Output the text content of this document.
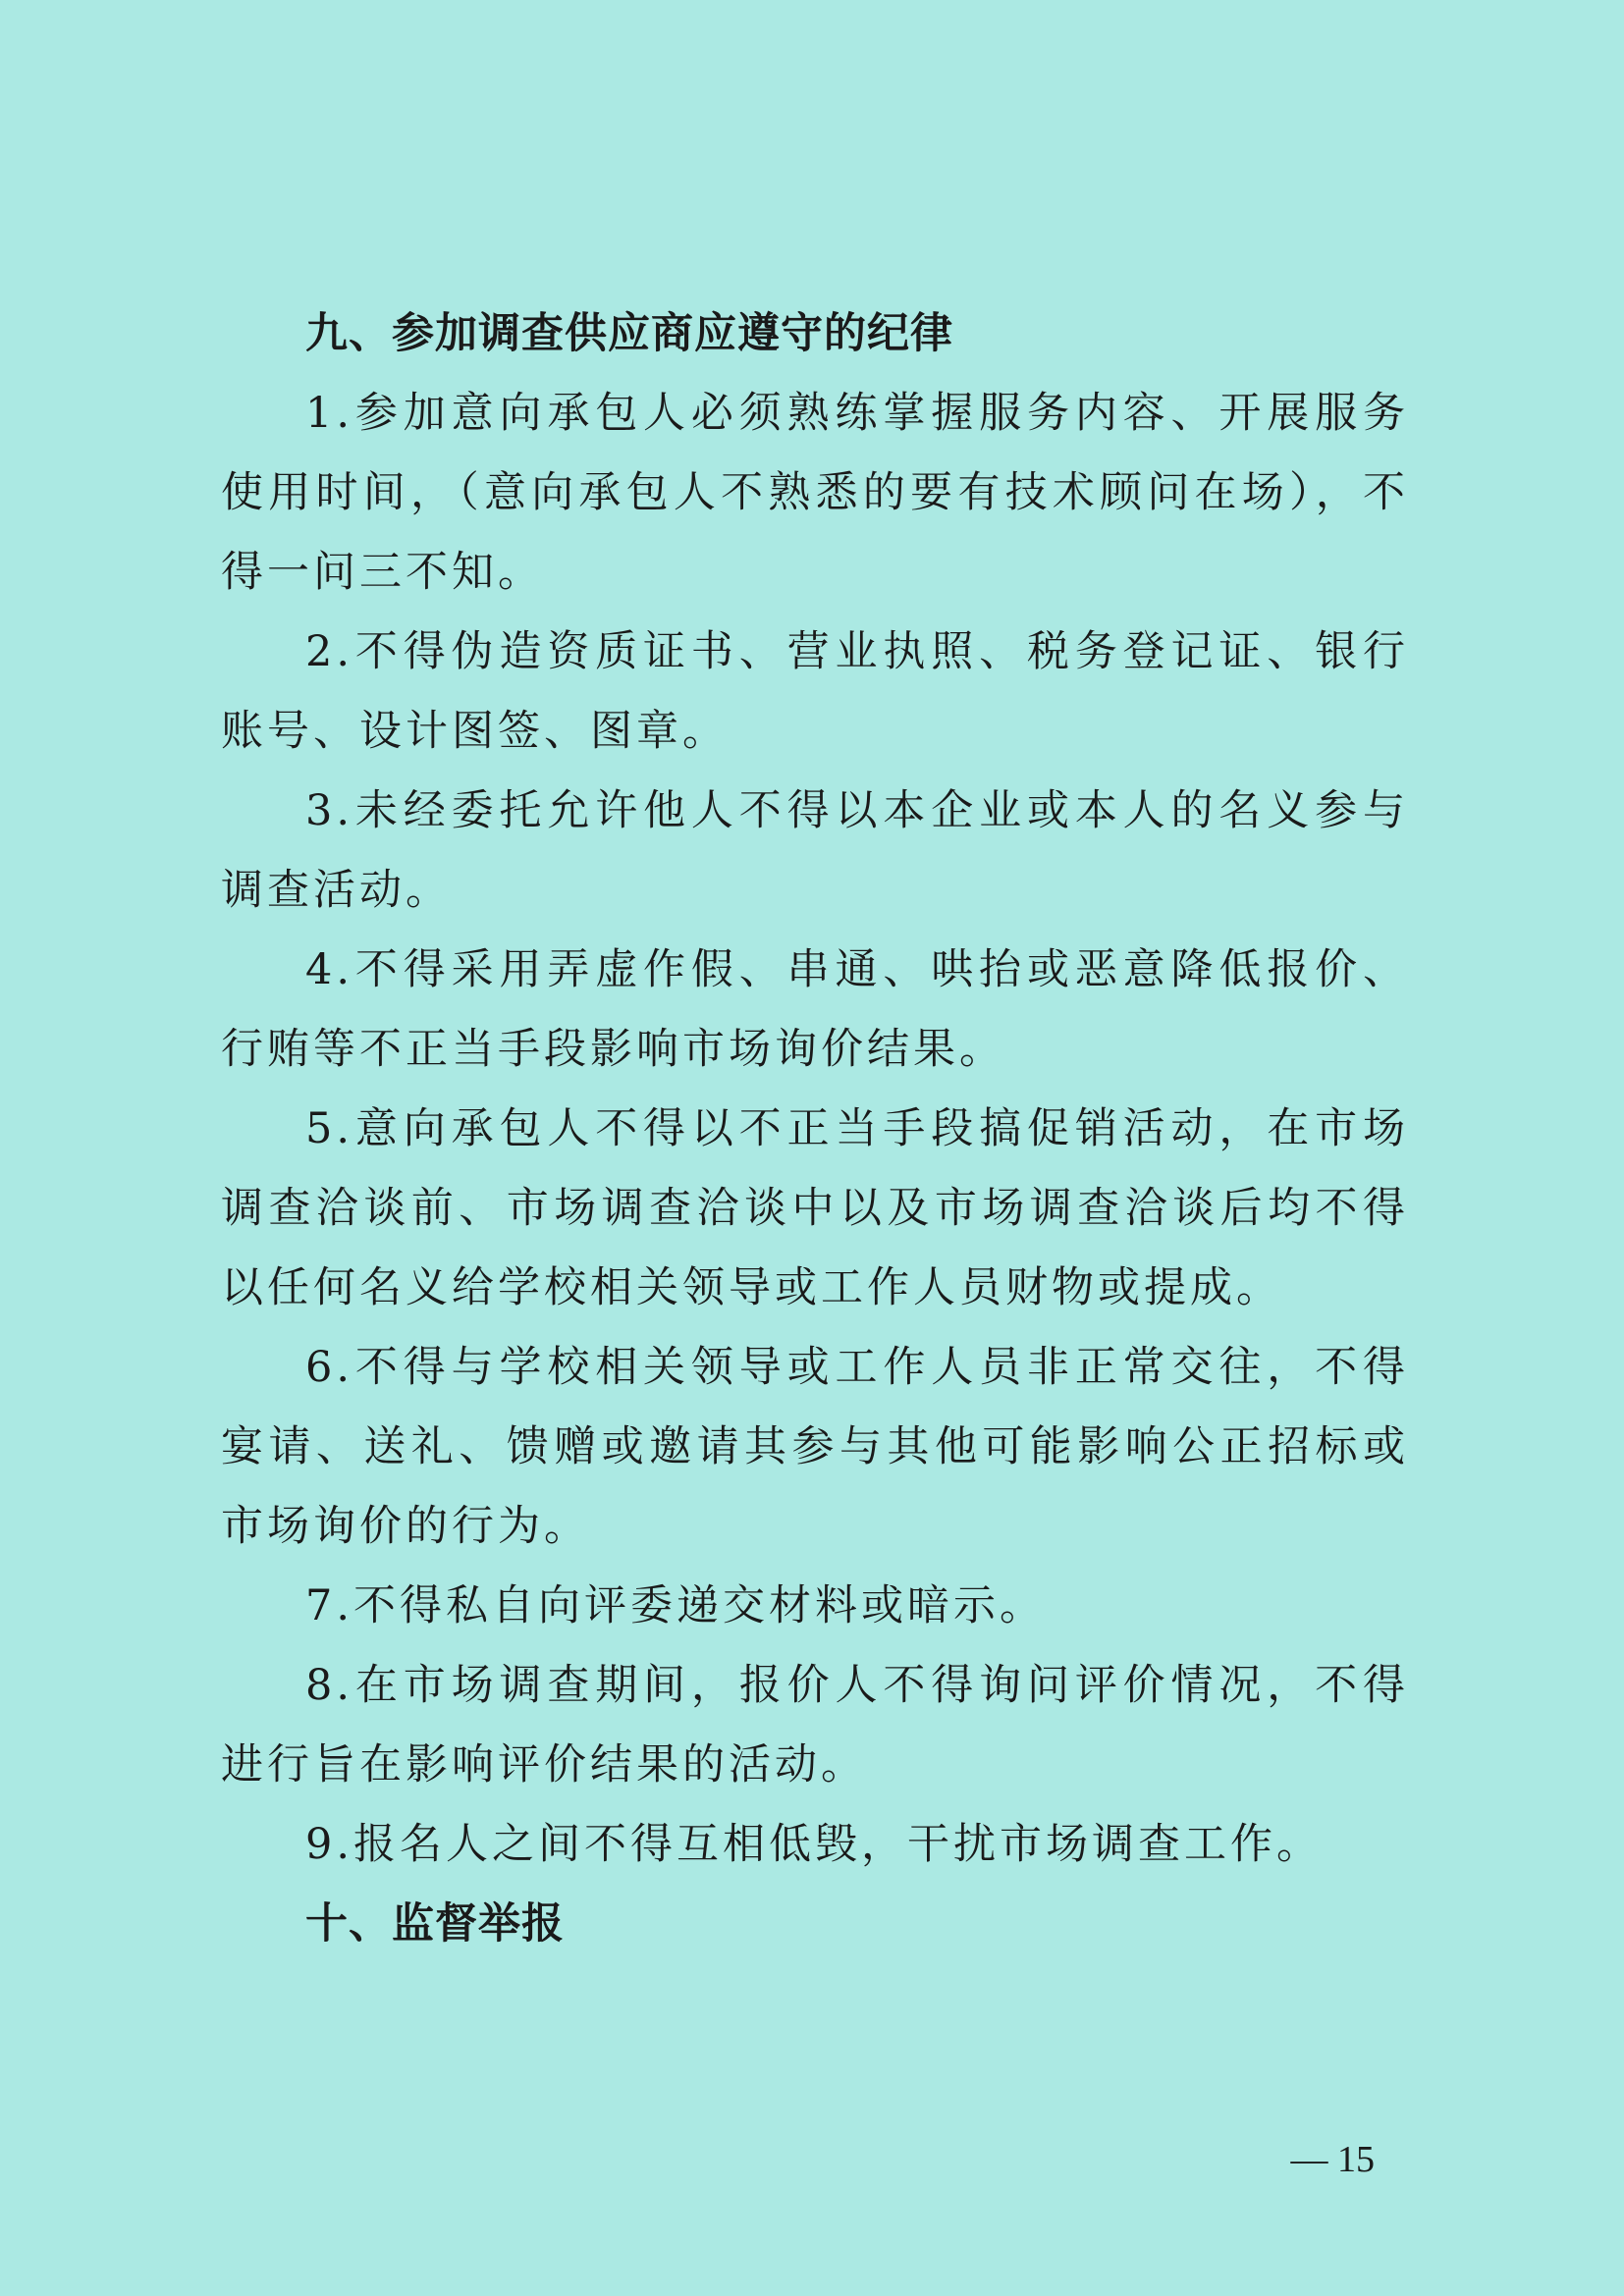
九、参加调查供应商应遵守的纪律
1.参加意向承包人必须熟练掌握服务内容、开展服务使用时间，（意向承包人不熟悉的要有技术顾问在场），不得一问三不知。
2.不得伪造资质证书、营业执照、税务登记证、银行账号、设计图签、图章。
3.未经委托允许他人不得以本企业或本人的名义参与调查活动。
4.不得采用弄虚作假、串通、哄抬或恶意降低报价、行贿等不正当手段影响市场询价结果。
5.意向承包人不得以不正当手段搞促销活动，在市场调查洽谈前、市场调查洽谈中以及市场调查洽谈后均不得以任何名义给学校相关领导或工作人员财物或提成。
6.不得与学校相关领导或工作人员非正常交往，不得宴请、送礼、馈赠或邀请其参与其他可能影响公正招标或市场询价的行为。
7.不得私自向评委递交材料或暗示。
8.在市场调查期间，报价人不得询问评价情况，不得进行旨在影响评价结果的活动。
9.报名人之间不得互相低毁，干扰市场调查工作。
十、监督举报
— 15
